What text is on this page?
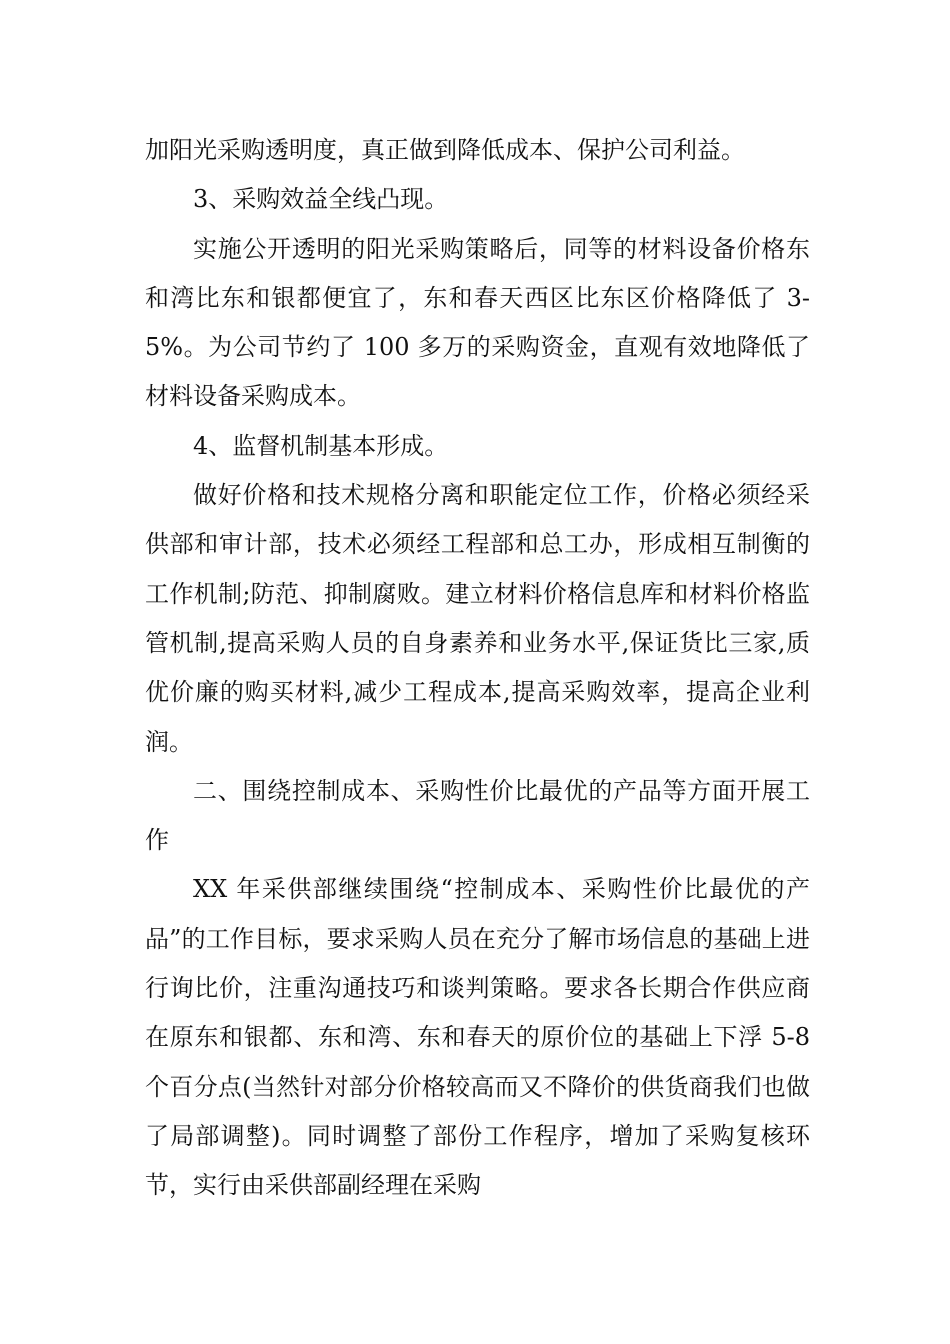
加阳光采购透明度，真正做到降低成本、保护公司利益。

3、采购效益全线凸现。

实施公开透明的阳光采购策略后，同等的材料设备价格东和湾比东和银都便宜了，东和春天西区比东区价格降低了 3-5%。为公司节约了 100 多万的采购资金，直观有效地降低了材料设备采购成本。

4、监督机制基本形成。

做好价格和技术规格分离和职能定位工作，价格必须经采供部和审计部，技术必须经工程部和总工办，形成相互制衡的工作机制;防范、抑制腐败。建立材料价格信息库和材料价格监管机制,提高采购人员的自身素养和业务水平,保证货比三家,质优价廉的购买材料,减少工程成本,提高采购效率，提高企业利润。

二、围绕控制成本、采购性价比最优的产品等方面开展工作

XX 年采供部继续围绕“控制成本、采购性价比最优的产品”的工作目标，要求采购人员在充分了解市场信息的基础上进行询比价，注重沟通技巧和谈判策略。要求各长期合作供应商在原东和银都、东和湾、东和春天的原价位的基础上下浮 5-8 个百分点(当然针对部分价格较高而又不降价的供货商我们也做了局部调整)。同时调整了部份工作程序，增加了采购复核环节，实行由采供部副经理在采购
